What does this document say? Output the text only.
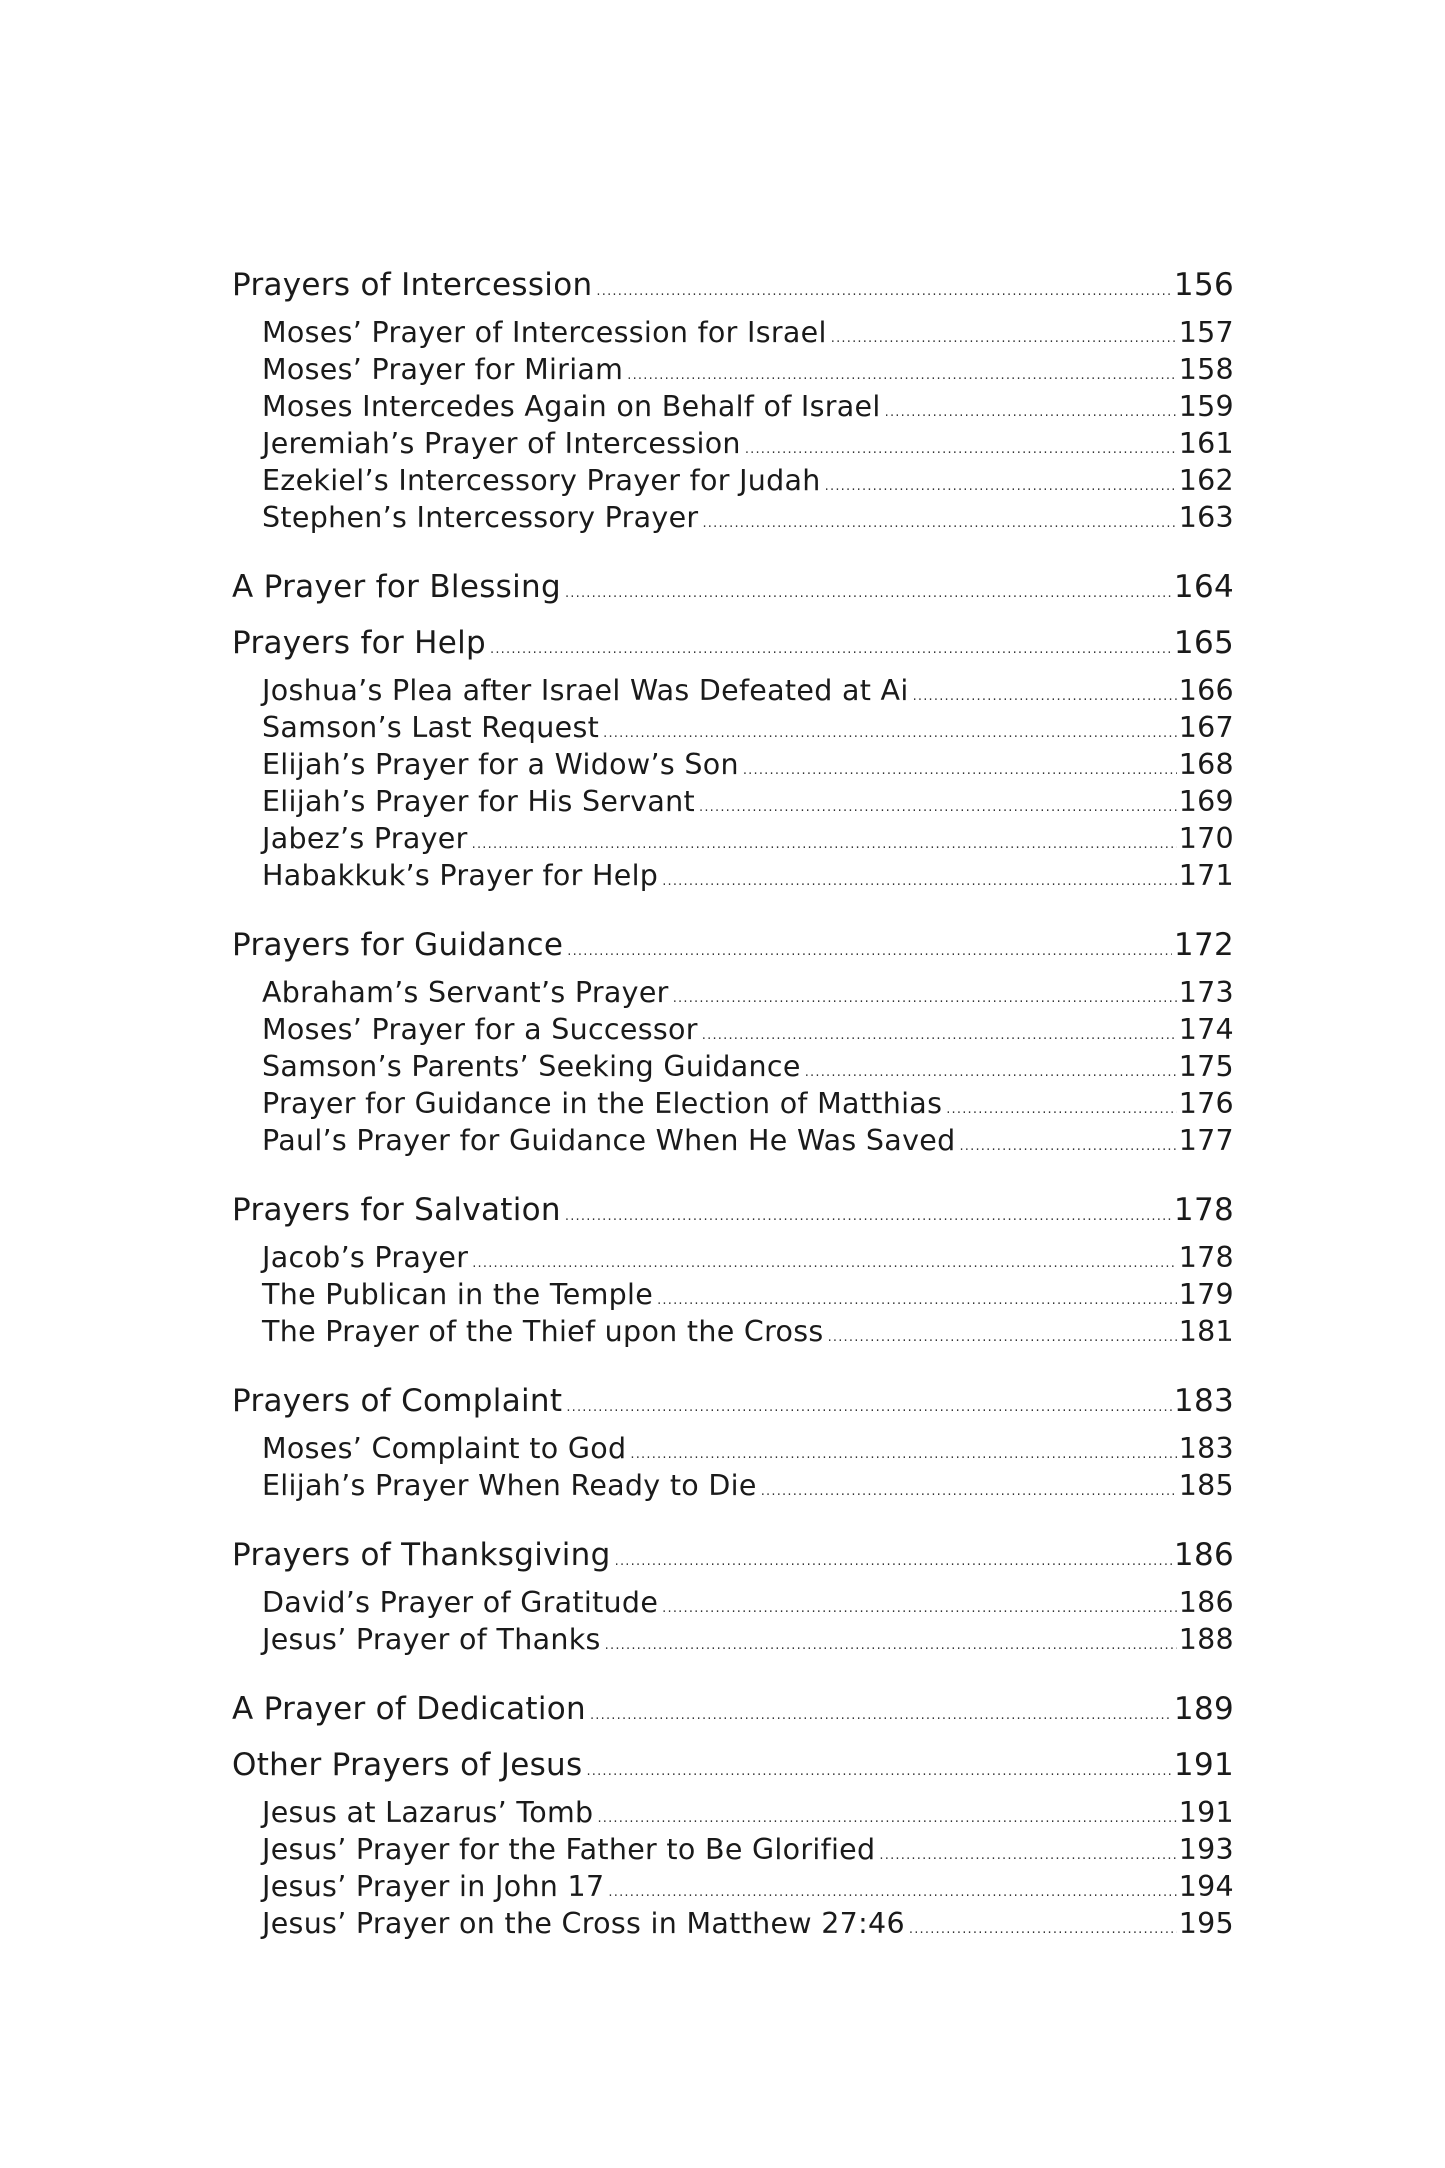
Prayers of Intercession .....	156
Moses’ Prayer of Intercession for Israel .....	157
Moses’ Prayer for Miriam .....	158
Moses Intercedes Again on Behalf of Israel .....	159
Jeremiah’s Prayer of Intercession .....	161
Ezekiel’s Intercessory Prayer for Judah .....	162
Stephen’s Intercessory Prayer .....	163
A Prayer for Blessing .....	164
Prayers for Help .....	165
Joshua’s Plea after Israel Was Defeated at Ai .....	166
Samson’s Last Request .....	167
Elijah’s Prayer for a Widow’s Son .....	168
Elijah’s Prayer for His Servant .....	169
Jabez’s Prayer .....	170
Habakkuk’s Prayer for Help .....	171
Prayers for Guidance .....	172
Abraham’s Servant’s Prayer .....	173
Moses’ Prayer for a Successor .....	174
Samson’s Parents’ Seeking Guidance .....	175
Prayer for Guidance in the Election of Matthias .....	176
Paul’s Prayer for Guidance When He Was Saved .....	177
Prayers for Salvation .....	178
Jacob’s Prayer .....	178
The Publican in the Temple .....	179
The Prayer of the Thief upon the Cross .....	181
Prayers of Complaint .....	183
Moses’ Complaint to God .....	183
Elijah’s Prayer When Ready to Die .....	185
Prayers of Thanksgiving .....	186
David’s Prayer of Gratitude .....	186
Jesus’ Prayer of Thanks .....	188
A Prayer of Dedication .....	189
Other Prayers of Jesus .....	191
Jesus at Lazarus’ Tomb .....	191
Jesus’ Prayer for the Father to Be Glorified .....	193
Jesus’ Prayer in John 17 .....	194
Jesus’ Prayer on the Cross in Matthew 27:46 .....	195
